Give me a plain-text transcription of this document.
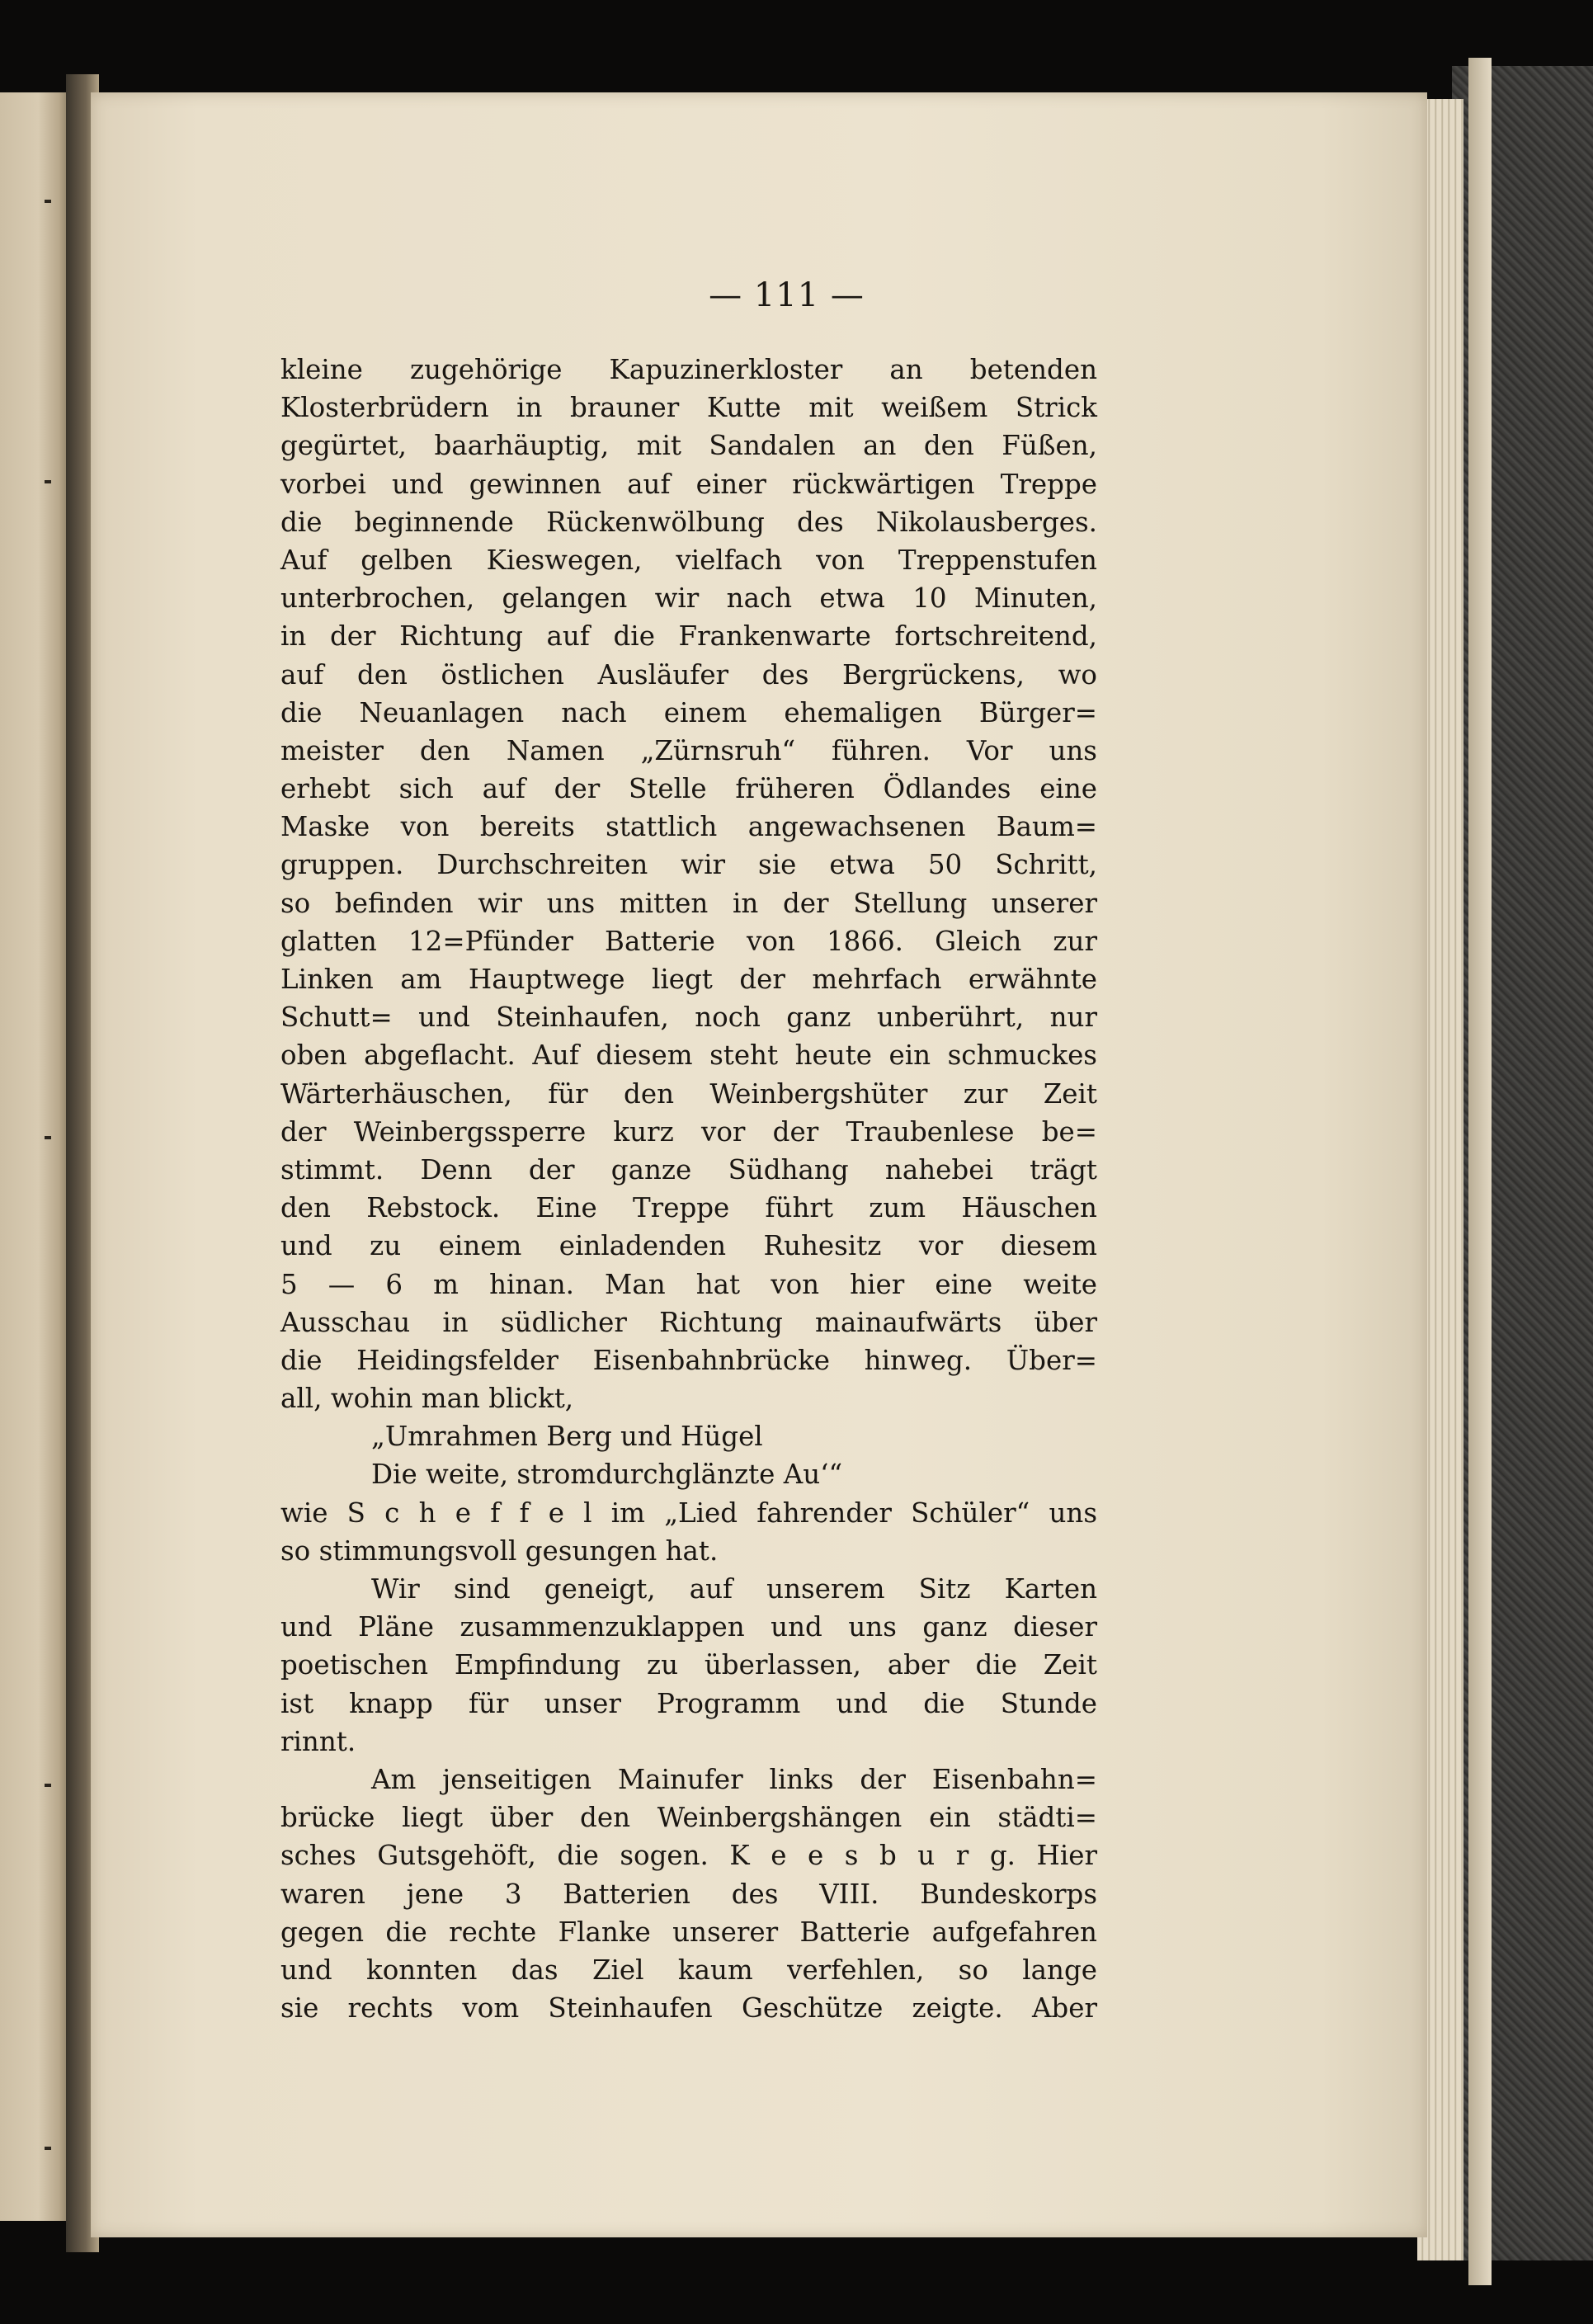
— 111 —
kleine zugehörige Kapuzinerkloster an betenden
Klosterbrüdern in brauner Kutte mit weißem Strick
gegürtet, baarhäuptig, mit Sandalen an den Füßen,
vorbei und gewinnen auf einer rückwärtigen Treppe
die beginnende Rückenwölbung des Nikolausberges.
Auf gelben Kieswegen, vielfach von Treppenstufen
unterbrochen, gelangen wir nach etwa 10 Minuten,
in der Richtung auf die Frankenwarte fortschreitend,
auf den östlichen Ausläufer des Bergrückens, wo
die Neuanlagen nach einem ehemaligen Bürger=
meister den Namen „Zürnsruh“ führen. Vor uns
erhebt sich auf der Stelle früheren Ödlandes eine
Maske von bereits stattlich angewachsenen Baum=
gruppen. Durchschreiten wir sie etwa 50 Schritt,
so befinden wir uns mitten in der Stellung unserer
glatten 12=Pfünder Batterie von 1866. Gleich zur
Linken am Hauptwege liegt der mehrfach erwähnte
Schutt= und Steinhaufen, noch ganz unberührt, nur
oben abgeflacht. Auf diesem steht heute ein schmuckes
Wärterhäuschen, für den Weinbergshüter zur Zeit
der Weinbergssperre kurz vor der Traubenlese be=
stimmt. Denn der ganze Südhang nahebei trägt
den Rebstock. Eine Treppe führt zum Häuschen
und zu einem einladenden Ruhesitz vor diesem
5 — 6 m hinan. Man hat von hier eine weite
Ausschau in südlicher Richtung mainaufwärts über
die Heidingsfelder Eisenbahnbrücke hinweg. Über=
all, wohin man blickt,
„Umrahmen Berg und Hügel
Die weite, stromdurchglänzte Au‘“
wie S c h e f f e l im „Lied fahrender Schüler“ uns
so stimmungsvoll gesungen hat.
Wir sind geneigt, auf unserem Sitz Karten
und Pläne zusammenzuklappen und uns ganz dieser
poetischen Empfindung zu überlassen, aber die Zeit
ist knapp für unser Programm und die Stunde
rinnt.
Am jenseitigen Mainufer links der Eisenbahn=
brücke liegt über den Weinbergshängen ein städti=
sches Gutsgehöft, die sogen. K e e s b u r g. Hier
waren jene 3 Batterien des VIII. Bundeskorps
gegen die rechte Flanke unserer Batterie aufgefahren
und konnten das Ziel kaum verfehlen, so lange
sie rechts vom Steinhaufen Geschütze zeigte. Aber
